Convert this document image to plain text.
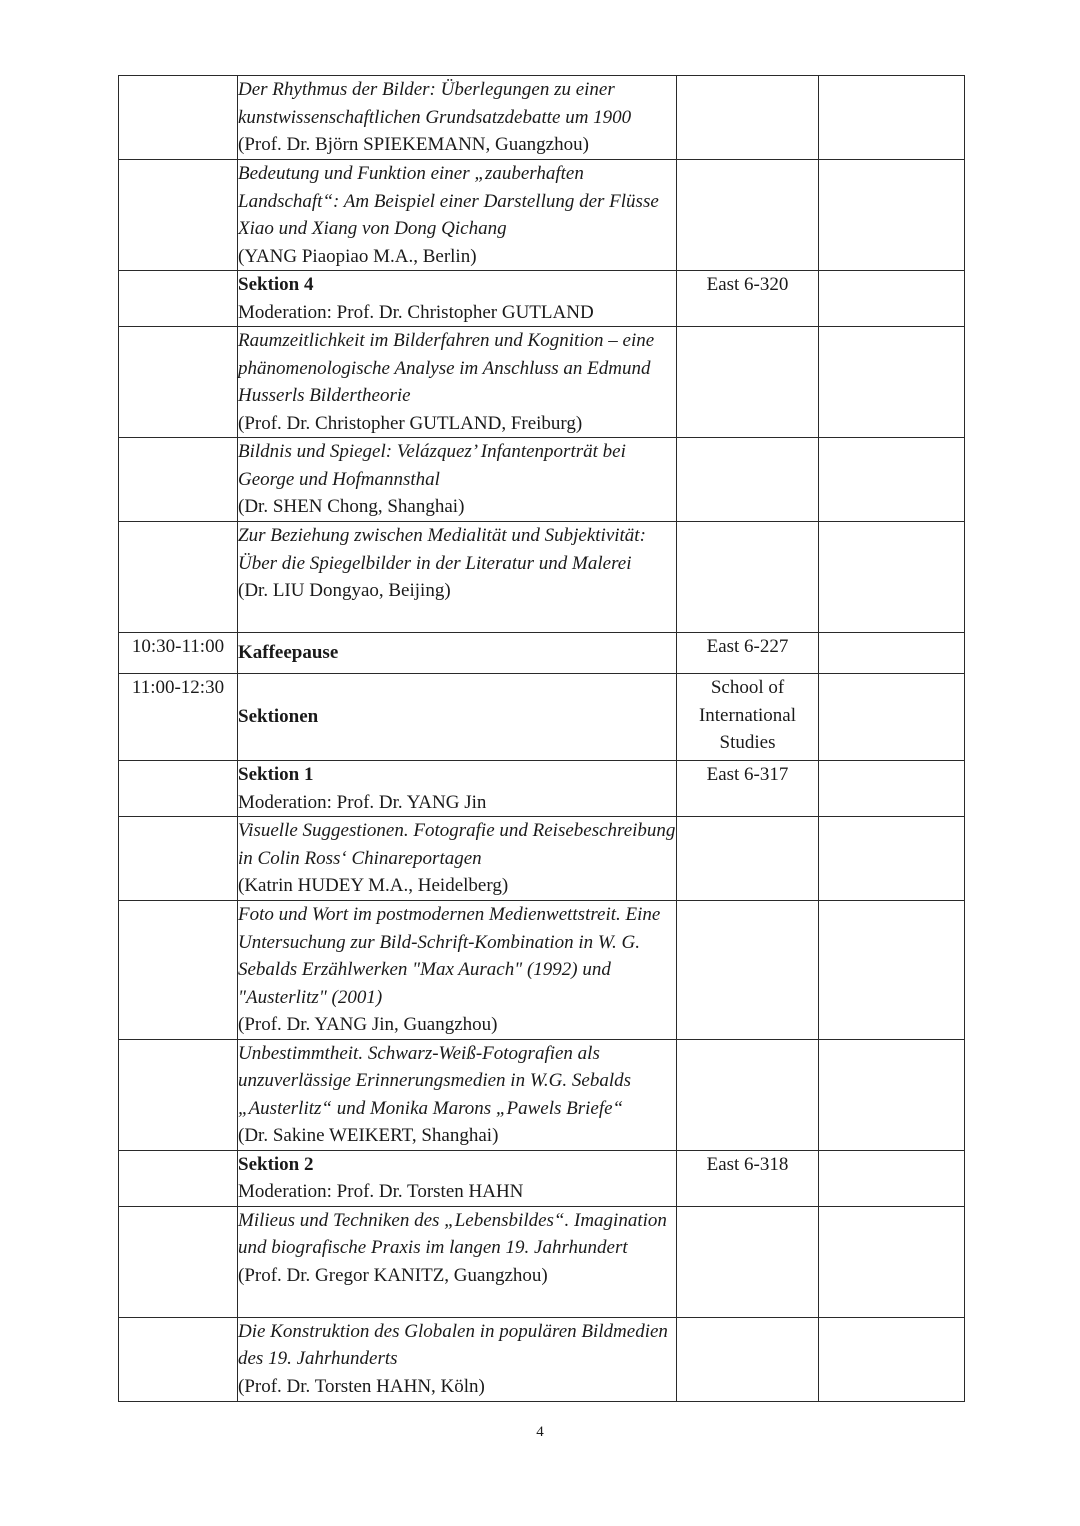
	Der Rhythmus der Bilder: Überlegungen zu einer kunstwissenschaftlichen Grundsatzdebatte um 1900
(Prof. Dr. Björn SPIEKEMANN, Guangzhou)		

	Bedeutung und Funktion einer „zauberhaften Landschaft“: Am Beispiel einer Darstellung der Flüsse Xiao und Xiang von Dong Qichang
(YANG Piaopiao M.A., Berlin)		

	Sektion 4
Moderation: Prof. Dr. Christopher GUTLAND	East 6-320	

	Raumzeitlichkeit im Bilderfahren und Kognition – eine phänomenologische Analyse im Anschluss an Edmund Husserls Bildertheorie
(Prof. Dr. Christopher GUTLAND, Freiburg)		

	Bildnis und Spiegel: Velázquez’ Infantenporträt bei George und Hofmannsthal
(Dr. SHEN Chong, Shanghai)		

	Zur Beziehung zwischen Medialität und Subjektivität: Über die Spiegelbilder in der Literatur und Malerei
(Dr. LIU Dongyao, Beijing)		

10:30-11:00	Kaffeepause	East 6-227	
11:00-12:30	Sektionen	School of
International
Studies	

	Sektion 1
Moderation: Prof. Dr. YANG Jin	East 6-317	

	Visuelle Suggestionen. Fotografie und Reisebeschreibung in Colin Ross‘ Chinareportagen
(Katrin HUDEY M.A., Heidelberg)		

	Foto und Wort im postmodernen Medienwettstreit. Eine Untersuchung zur Bild-Schrift-Kombination in W. G. Sebalds Erzählwerken "Max Aurach" (1992) und "Austerlitz" (2001)
(Prof. Dr. YANG Jin, Guangzhou)		

	Unbestimmtheit. Schwarz-Weiß-Fotografien als unzuverlässige Erinnerungsmedien in W.G. Sebalds „Austerlitz“ und Monika Marons „Pawels Briefe“
(Dr. Sakine WEIKERT, Shanghai)		

	Sektion 2
Moderation: Prof. Dr. Torsten HAHN	East 6-318	

	Milieus und Techniken des „Lebensbildes“. Imagination und biografische Praxis im langen 19. Jahrhundert
(Prof. Dr. Gregor KANITZ, Guangzhou)		

	Die Konstruktion des Globalen in populären Bildmedien des 19. Jahrhunderts
(Prof. Dr. Torsten HAHN, Köln)		

4
